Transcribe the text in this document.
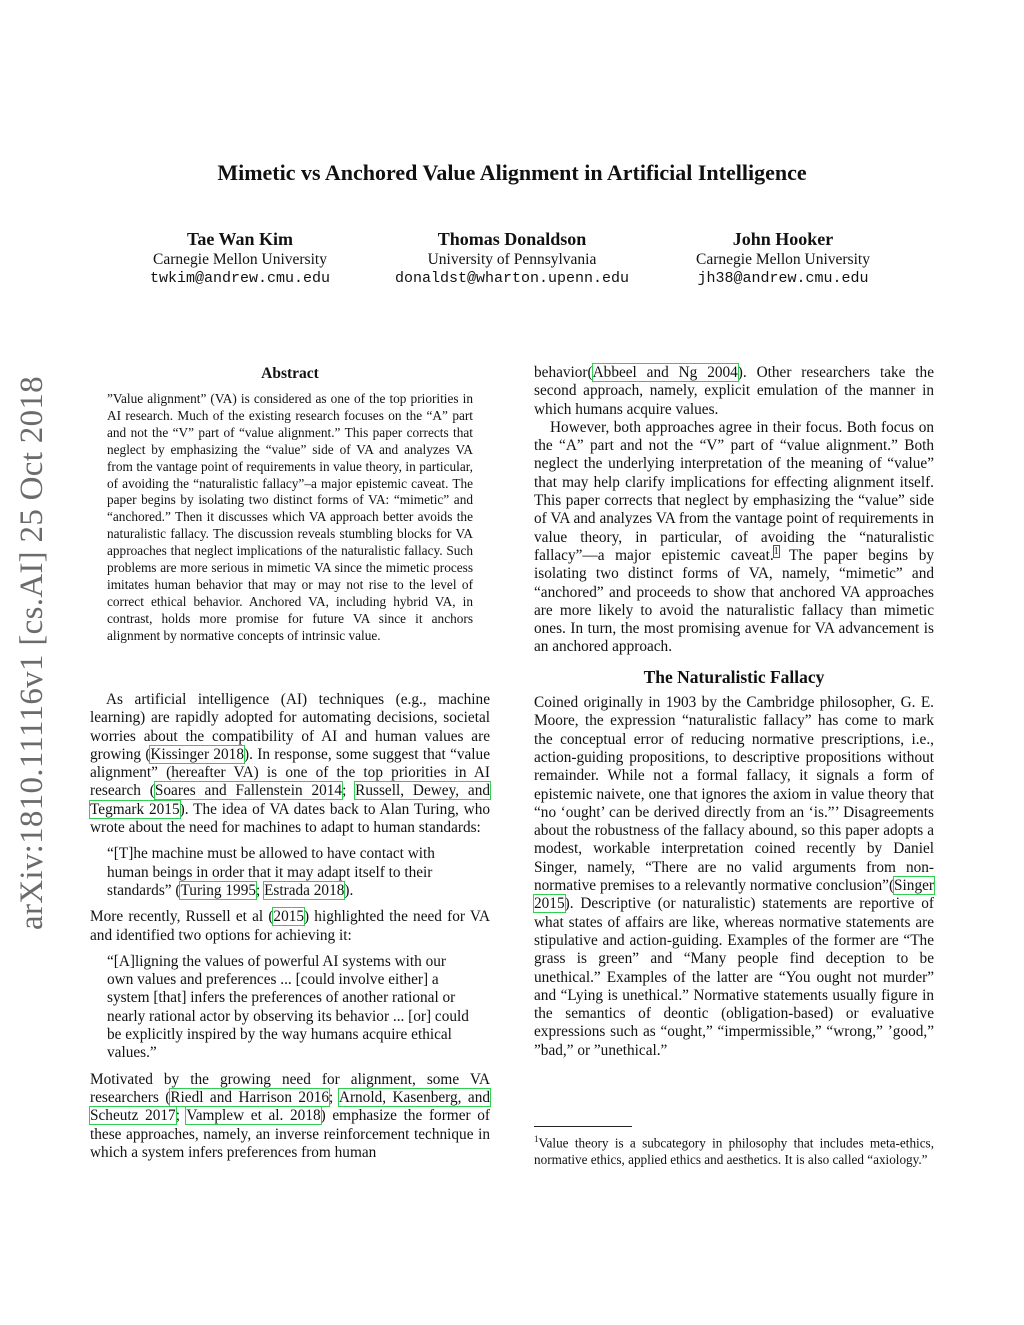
Mimetic vs Anchored Value Alignment in Artificial Intelligence
Tae Wan Kim
Carnegie Mellon University
twkim@andrew.cmu.edu
Thomas Donaldson
University of Pennsylvania
donaldst@wharton.upenn.edu
John Hooker
Carnegie Mellon University
jh38@andrew.cmu.edu
arXiv:1810.11116v1 [cs.AI] 25 Oct 2018
Abstract
”Value alignment” (VA) is considered as one of the top priorities in AI research. Much of the existing research focuses on the “A” part and not the “V” part of “value alignment.” This paper corrects that neglect by emphasizing the “value” side of VA and analyzes VA from the vantage point of requirements in value theory, in particular, of avoiding the “naturalistic fallacy”–a major epistemic caveat. The paper begins by isolating two distinct forms of VA: “mimetic” and “anchored.” Then it discusses which VA approach better avoids the naturalistic fallacy. The discussion reveals stumbling blocks for VA approaches that neglect implications of the naturalistic fallacy. Such problems are more serious in mimetic VA since the mimetic process imitates human behavior that may or may not rise to the level of correct ethical behavior. Anchored VA, including hybrid VA, in contrast, holds more promise for future VA since it anchors alignment by normative concepts of intrinsic value.

As artificial intelligence (AI) techniques (e.g., machine learning) are rapidly adopted for automating decisions, societal worries about the compatibility of AI and human values are growing (Kissinger 2018). In response, some suggest that “value alignment” (hereafter VA) is one of the top priorities in AI research (Soares and Fallenstein 2014; Russell, Dewey, and Tegmark 2015). The idea of VA dates back to Alan Turing, who wrote about the need for machines to adapt to human standards:

“[T]he machine must be allowed to have contact with human beings in order that it may adapt itself to their standards” (Turing 1995; Estrada 2018).

More recently, Russell et al (2015) highlighted the need for VA and identified two options for achieving it:

“[A]ligning the values of powerful AI systems with our own values and preferences ... [could involve either] a system [that] infers the preferences of another rational or nearly rational actor by observing its behavior ... [or] could be explicitly inspired by the way humans acquire ethical values.”

Motivated by the growing need for alignment, some VA researchers (Riedl and Harrison 2016; Arnold, Kasenberg, and Scheutz 2017; Vamplew et al. 2018) emphasize the former of these approaches, namely, an inverse reinforcement technique in which a system infers preferences from human

behavior(Abbeel and Ng 2004). Other researchers take the second approach, namely, explicit emulation of the manner in which humans acquire values.

However, both approaches agree in their focus. Both focus on the “A” part and not the “V” part of “value alignment.” Both neglect the underlying interpretation of the meaning of “value” that may help clarify implications for effecting alignment itself. This paper corrects that neglect by emphasizing the “value” side of VA and analyzes VA from the vantage point of requirements in value theory, in particular, of avoiding the “naturalistic fallacy”—a major epistemic caveat.$^1$ The paper begins by isolating two distinct forms of VA, namely, “mimetic” and “anchored” and proceeds to show that anchored VA approaches are more likely to avoid the naturalistic fallacy than mimetic ones. In turn, the most promising avenue for VA advancement is an anchored approach.

The Naturalistic Fallacy

Coined originally in 1903 by the Cambridge philosopher, G. E. Moore, the expression “naturalistic fallacy” has come to mark the conceptual error of reducing normative prescriptions, i.e., action-guiding propositions, to descriptive propositions without remainder. While not a formal fallacy, it signals a form of epistemic naivete, one that ignores the axiom in value theory that “no ‘ought’ can be derived directly from an ‘is.”’ Disagreements about the robustness of the fallacy abound, so this paper adopts a modest, workable interpretation coined recently by Daniel Singer, namely, “There are no valid arguments from non-normative premises to a relevantly normative conclusion”(Singer 2015). Descriptive (or naturalistic) statements are reportive of what states of affairs are like, whereas normative statements are stipulative and action-guiding. Examples of the former are “The grass is green” and “Many people find deception to be unethical.” Examples of the latter are “You ought not murder” and “Lying is unethical.” Normative statements usually figure in the semantics of deontic (obligation-based) or evaluative expressions such as “ought,” “impermissible,” “wrong,” ’good,” ”bad,” or ”unethical.”

$^1$Value theory is a subcategory in philosophy that includes meta-ethics, normative ethics, applied ethics and aesthetics. It is also called “axiology.”
